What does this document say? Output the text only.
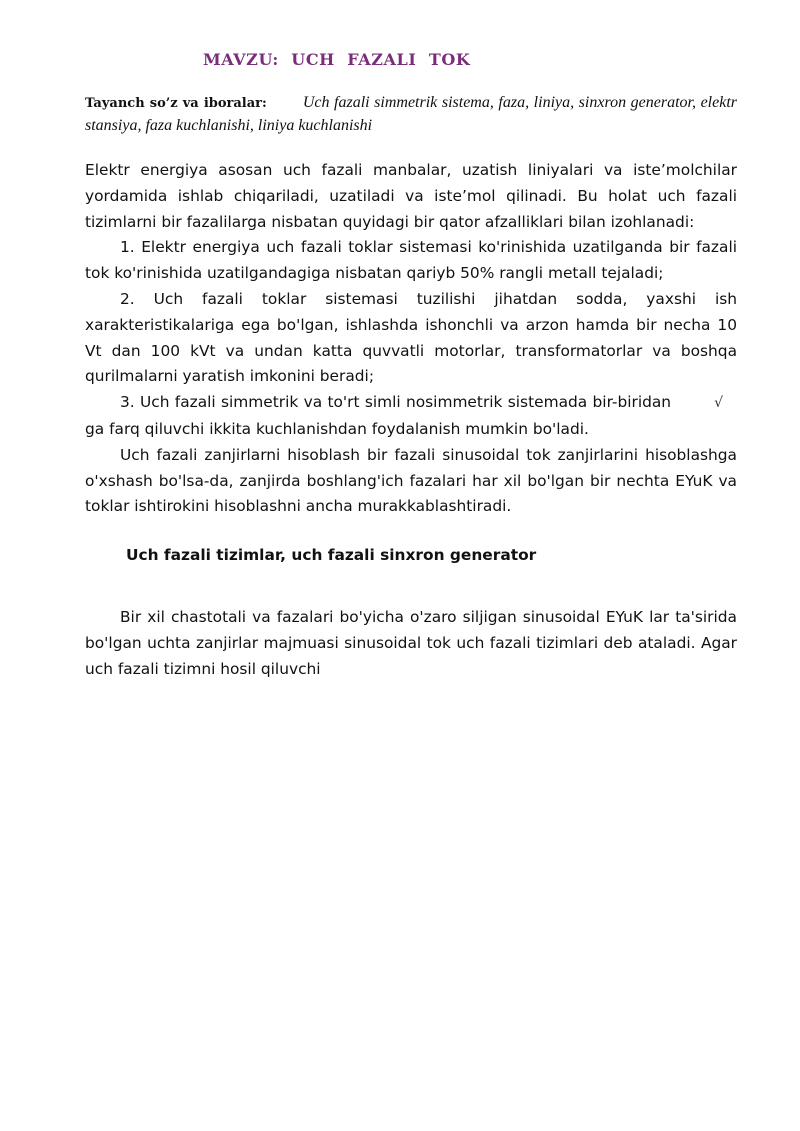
MAVZU:  UCH  FAZALI  TOK

Tayanch so’z va iboralar: Uch fazali simmetrik sistema, faza, liniya, sinxron generator, elektr stansiya, faza kuchlanishi, liniya kuchlanishi

Elektr energiya asosan uch fazali manbalar, uzatish liniyalari va iste’molchilar yordamida ishlab chiqariladi, uzatiladi va iste’mol qilinadi. Bu holat uch fazali tizimlarni bir fazalilarga nisbatan quyidagi bir qator afzalliklari bilan izohlanadi:

1. Elektr energiya uch fazali toklar sistemasi ko'rinishida uzatilganda bir fazali tok ko'rinishida uzatilgandagiga nisbatan qariyb 50% rangli metall tejaladi;

2. Uch fazali toklar sistemasi tuzilishi jihatdan sodda, yaxshi ish xarakteristikalariga ega bo'lgan, ishlashda ishonchli va arzon hamda bir necha 10 Vt dan 100 kVt va undan katta quvvatli motorlar, transformatorlar va boshqa qurilmalarni yaratish imkonini beradi;

3. Uch fazali simmetrik va to'rt simli nosimmetrik sistemada bir-biridan	√ga farq qiluvchi ikkita kuchlanishdan foydalanish mumkin bo'ladi.

Uch fazali zanjirlarni hisoblash bir fazali sinusoidal tok zanjirlarini hisoblashga o'xshash bo'lsa-da, zanjirda boshlang'ich fazalari har xil bo'lgan bir nechta EYuK va toklar ishtirokini hisoblashni ancha murakkablashtiradi.

Uch fazali tizimlar, uch fazali sinxron generator

Bir xil chastotali va fazalari bo'yicha o'zaro siljigan sinusoidal EYuK lar ta'sirida bo'lgan uchta zanjirlar majmuasi sinusoidal tok uch fazali tizimlari deb ataladi. Agar uch fazali tizimni hosil qiluvchi
